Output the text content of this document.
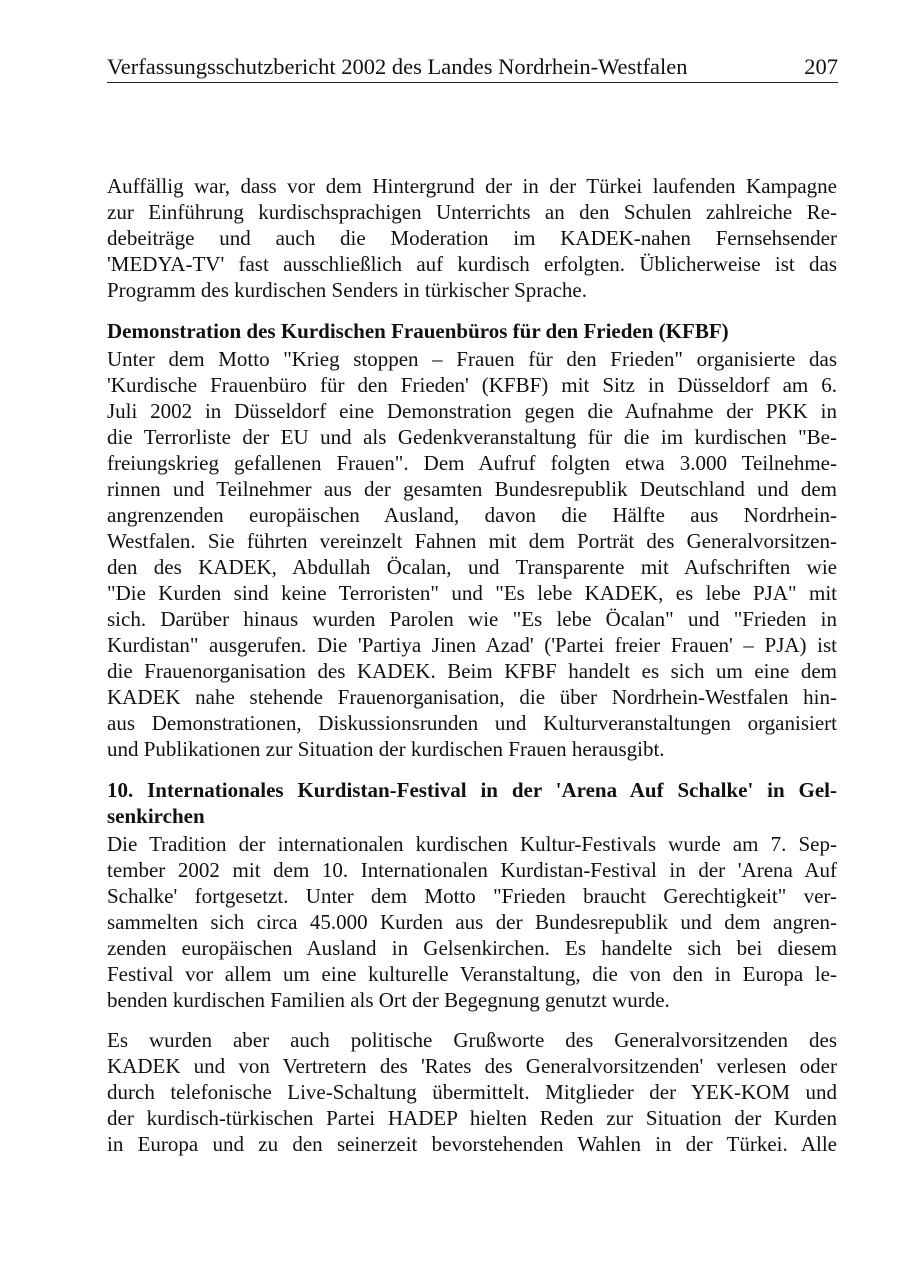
Verfassungsschutzbericht 2002 des Landes Nordrhein-Westfalen	207

Auffällig war, dass vor dem Hintergrund der in der Türkei laufenden Kampagne
zur Einführung kurdischsprachigen Unterrichts an den Schulen zahlreiche Re-
debeiträge und auch die Moderation im KADEK-nahen Fernsehsender
'MEDYA-TV' fast ausschließlich auf kurdisch erfolgten. Üblicherweise ist das
Programm des kurdischen Senders in türkischer Sprache.

Demonstration des Kurdischen Frauenbüros für den Frieden (KFBF)

Unter dem Motto "Krieg stoppen – Frauen für den Frieden" organisierte das
'Kurdische Frauenbüro für den Frieden' (KFBF) mit Sitz in Düsseldorf am 6.
Juli 2002 in Düsseldorf eine Demonstration gegen die Aufnahme der PKK in
die Terrorliste der EU und als Gedenkveranstaltung für die im kurdischen "Be-
freiungskrieg gefallenen Frauen". Dem Aufruf folgten etwa 3.000 Teilnehme-
rinnen und Teilnehmer aus der gesamten Bundesrepublik Deutschland und dem
angrenzenden europäischen Ausland, davon die Hälfte aus Nordrhein-
Westfalen. Sie führten vereinzelt Fahnen mit dem Porträt des Generalvorsitzen-
den des KADEK, Abdullah Öcalan, und Transparente mit Aufschriften wie
"Die Kurden sind keine Terroristen" und "Es lebe KADEK, es lebe PJA" mit
sich. Darüber hinaus wurden Parolen wie "Es lebe Öcalan" und "Frieden in
Kurdistan" ausgerufen. Die 'Partiya Jinen Azad' ('Partei freier Frauen' – PJA) ist
die Frauenorganisation des KADEK. Beim KFBF handelt es sich um eine dem
KADEK nahe stehende Frauenorganisation, die über Nordrhein-Westfalen hin-
aus Demonstrationen, Diskussionsrunden und Kulturveranstaltungen organisiert
und Publikationen zur Situation der kurdischen Frauen herausgibt.

10. Internationales Kurdistan-Festival in der 'Arena Auf Schalke' in Gel-
senkirchen

Die Tradition der internationalen kurdischen Kultur-Festivals wurde am 7. Sep-
tember 2002 mit dem 10. Internationalen Kurdistan-Festival in der 'Arena Auf
Schalke' fortgesetzt. Unter dem Motto "Frieden braucht Gerechtigkeit" ver-
sammelten sich circa 45.000 Kurden aus der Bundesrepublik und dem angren-
zenden europäischen Ausland in Gelsenkirchen. Es handelte sich bei diesem
Festival vor allem um eine kulturelle Veranstaltung, die von den in Europa le-
benden kurdischen Familien als Ort der Begegnung genutzt wurde.

Es wurden aber auch politische Grußworte des Generalvorsitzenden des
KADEK und von Vertretern des 'Rates des Generalvorsitzenden' verlesen oder
durch telefonische Live-Schaltung übermittelt. Mitglieder der YEK-KOM und
der kurdisch-türkischen Partei HADEP hielten Reden zur Situation der Kurden
in Europa und zu den seinerzeit bevorstehenden Wahlen in der Türkei. Alle
